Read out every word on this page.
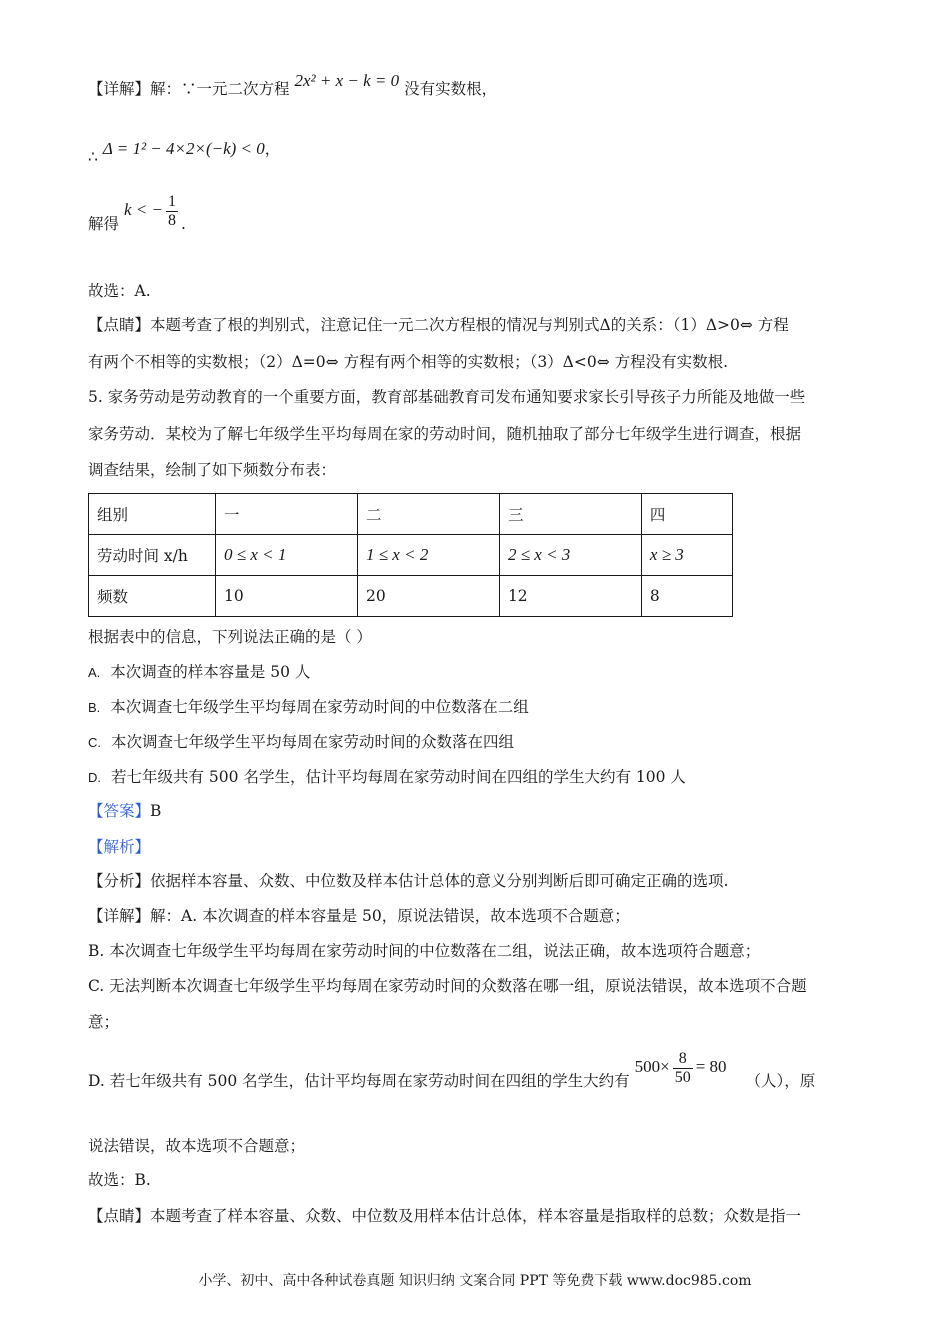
【详解】解：∵一元二次方程 2x² + x − k = 0 没有实数根，
∴ Δ = 1² − 4×2×(−k) < 0，
解得 k < − $\frac{1}{8}$ .
故选：A.
【点睛】本题考查了根的判别式，注意记住一元二次方程根的情况与判别式Δ的关系：（1）Δ>0⇔ 方程
有两个不相等的实数根；（2）Δ=0⇔ 方程有两个相等的实数根；（3）Δ<0⇔ 方程没有实数根.
5. 家务劳动是劳动教育的一个重要方面，教育部基础教育司发布通知要求家长引导孩子力所能及地做一些
家务劳动．某校为了解七年级学生平均每周在家的劳动时间，随机抽取了部分七年级学生进行调查，根据
调查结果，绘制了如下频数分布表：
组别	一	二	三	四
劳动时间 x/h	0 ≤ x < 1	1 ≤ x < 2	2 ≤ x < 3	x ≥ 3
频数	10	20	12	8
根据表中的信息，下列说法正确的是（ ）
A. 本次调查的样本容量是 50 人
B. 本次调查七年级学生平均每周在家劳动时间的中位数落在二组
C. 本次调查七年级学生平均每周在家劳动时间的众数落在四组
D. 若七年级共有 500 名学生，估计平均每周在家劳动时间在四组的学生大约有 100 人
【答案】B
【解析】
【分析】依据样本容量、众数、中位数及样本估计总体的意义分别判断后即可确定正确的选项.
【详解】解：A. 本次调查的样本容量是 50，原说法错误，故本选项不合题意；
B. 本次调查七年级学生平均每周在家劳动时间的中位数落在二组，说法正确，故本选项符合题意；
C. 无法判断本次调查七年级学生平均每周在家劳动时间的众数落在哪一组，原说法错误，故本选项不合题
意；
D. 若七年级共有 500 名学生，估计平均每周在家劳动时间在四组的学生大约有 $500\times \frac{8}{50} = 80$ （人），原
说法错误，故本选项不合题意；
故选：B.
【点睛】本题考查了样本容量、众数、中位数及用样本估计总体，样本容量是指取样的总数；众数是指一
小学、初中、高中各种试卷真题 知识归纳 文案合同 PPT 等免费下载 www.doc985.com
